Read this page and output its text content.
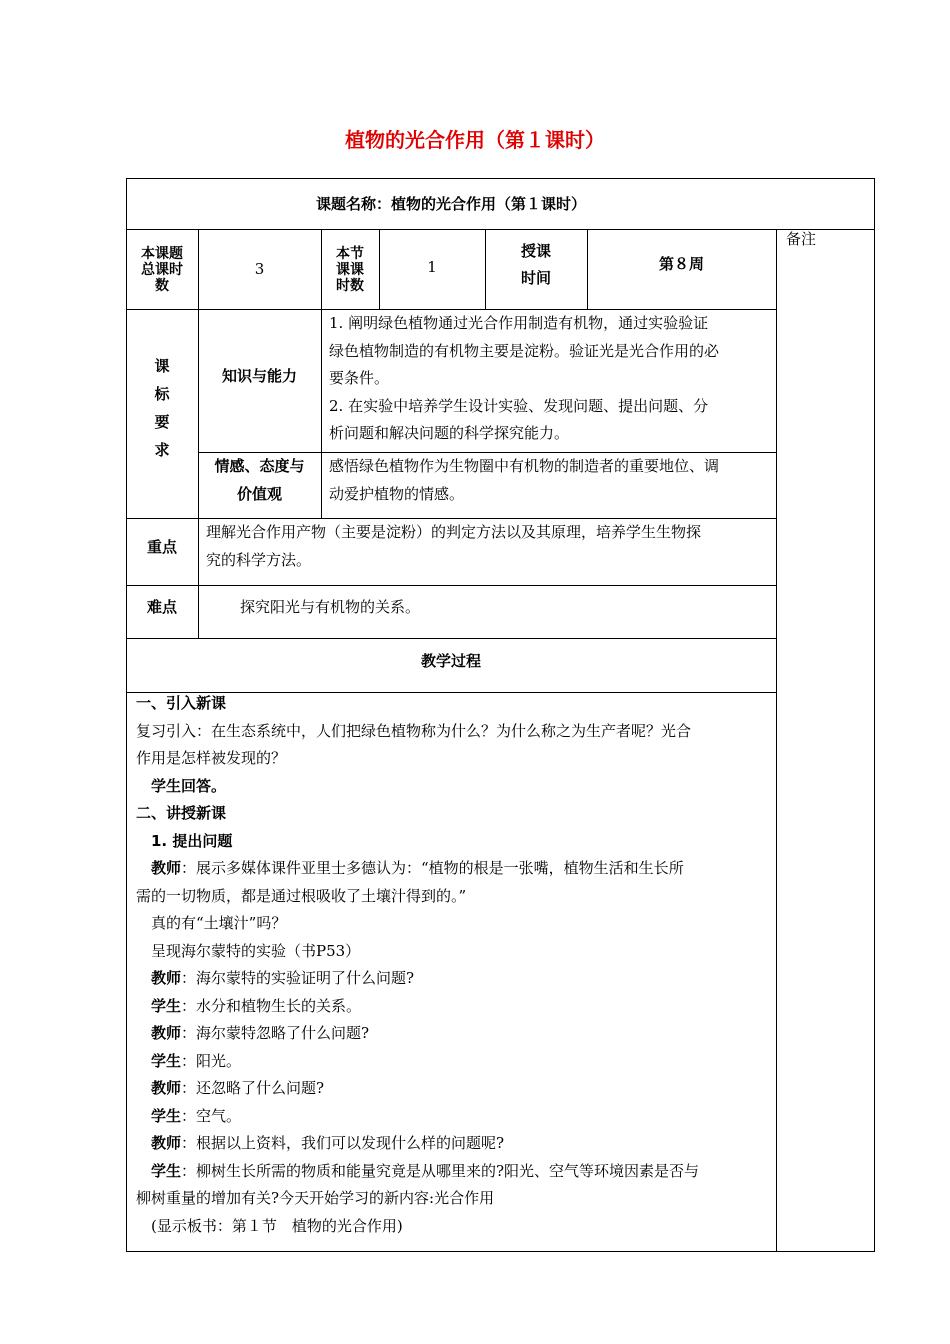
植物的光合作用（第１课时）
课题名称：植物的光合作用（第１课时）
本课题总课时数
3
本节课课时数
1
授课
时间
第８周
备注
课
标
要
求
知识与能力

1. 阐明绿色植物通过光合作用制造有机物，通过实验验证

绿色植物制造的有机物主要是淀粉。验证光是光合作用的必

要条件。

2. 在实验中培养学生设计实验、发现问题、提出问题、分

析问题和解决问题的科学探究能力。

情感、态度与
价值观

感悟绿色植物作为生物圈中有机物的制造者的重要地位、调

动爱护植物的情感。

重点

理解光合作用产物（主要是淀粉）的判定方法以及其原理，培养学生生物探

究的科学方法。

难点	探究阳光与有机物的关系。
教学过程

一、引入新课

复习引入：在生态系统中，人们把绿色植物称为什么？为什么称之为生产者呢？光合

作用是怎样被发现的？

　学生回答。

二、讲授新课

　1. 提出问题

　教师：展示多媒体课件亚里士多德认为：“植物的根是一张嘴，植物生活和生长所

需的一切物质，都是通过根吸收了土壤汁得到的。”

　真的有“土壤汁”吗？

　呈现海尔蒙特的实验（书P53）

　教师：海尔蒙特的实验证明了什么问题?

　学生：水分和植物生长的关系。

　教师：海尔蒙特忽略了什么问题?

　学生：阳光。

　教师：还忽略了什么问题?

　学生：空气。

　教师：根据以上资料，我们可以发现什么样的问题呢?

　学生：柳树生长所需的物质和能量究竟是从哪里来的?阳光、空气等环境因素是否与

柳树重量的增加有关?今天开始学习的新内容:光合作用

　(显示板书：第１节　植物的光合作用)
